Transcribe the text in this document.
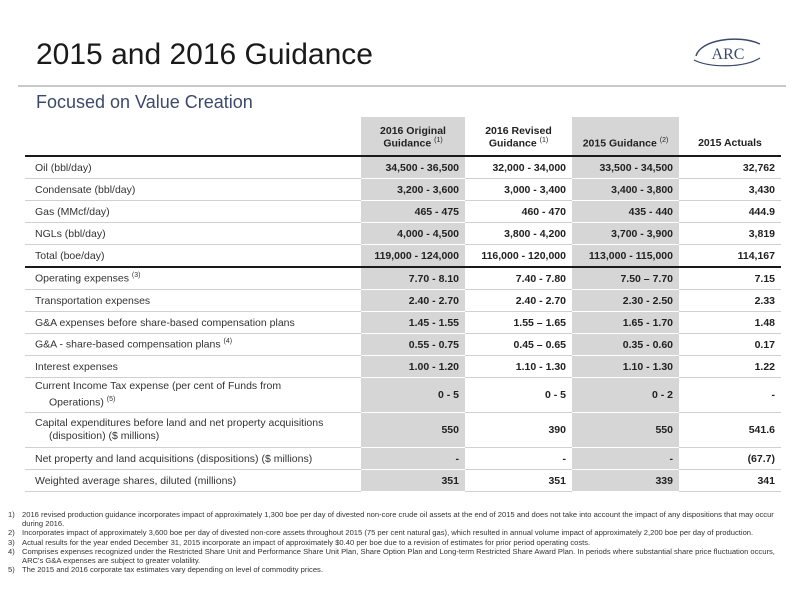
2015 and 2016 Guidance	ARC
Focused on Value Creation
	2016 Original Guidance $^{(1)}$	2016 Revised Guidance $^{(1)}$	2015 Guidance $^{(2)}$	2015 Actuals
Oil (bbl/day)	34,500 - 36,500	32,000 - 34,000	33,500 - 34,500	32,762
Condensate (bbl/day)	3,200 - 3,600	3,000 - 3,400	3,400 - 3,800	3,430
Gas (MMcf/day)	465 - 475	460 - 470	435 - 440	444.9
NGLs (bbl/day)	4,000 - 4,500	3,800 - 4,200	3,700 - 3,900	3,819
Total (boe/day)	119,000 - 124,000	116,000 - 120,000	113,000 - 115,000	114,167
Operating expenses $^{(3)}$	7.70 - 8.10	7.40 - 7.80	7.50 – 7.70	7.15
Transportation expenses	2.40 - 2.70	2.40 - 2.70	2.30 - 2.50	2.33
G&A expenses before share-based compensation plans	1.45 - 1.55	1.55 – 1.65	1.65 - 1.70	1.48
G&A - share-based compensation plans $^{(4)}$	0.55 - 0.75	0.45 – 0.65	0.35 - 0.60	0.17
Interest expenses	1.00 - 1.20	1.10 - 1.30	1.10 - 1.30	1.22
Current Income Tax expense (per cent of Funds from
Operations) $^{(5)}$	0 - 5	0 - 5	0 - 2	-
Capital expenditures before land and net property acquisitions
(disposition) ($ millions)	550	390	550	541.6
Net property and land acquisitions (dispositions) ($ millions)	-	-	-	(67.7)
Weighted average shares, diluted (millions)	351	351	339	341
1) 2016 revised production guidance incorporates impact of approximately 1,300 boe per day of divested non-core crude oil assets at the end of 2015 and does not take into account the impact of any dispositions that may occur during 2016.
2) Incorporates impact of approximately 3,600 boe per day of divested non-core assets throughout 2015 (75 per cent natural gas), which resulted in annual volume impact of approximately 2,200 boe per day of production.
3) Actual results for the year ended December 31, 2015 incorporate an impact of approximately $0.40 per boe due to a revision of estimates for prior period operating costs.
4) Comprises expenses recognized under the Restricted Share Unit and Performance Share Unit Plan, Share Option Plan and Long-term Restricted Share Award Plan. In periods where substantial share price fluctuation occurs, ARC's G&A expenses are subject to greater volatility.
5) The 2015 and 2016 corporate tax estimates vary depending on level of commodity prices.
